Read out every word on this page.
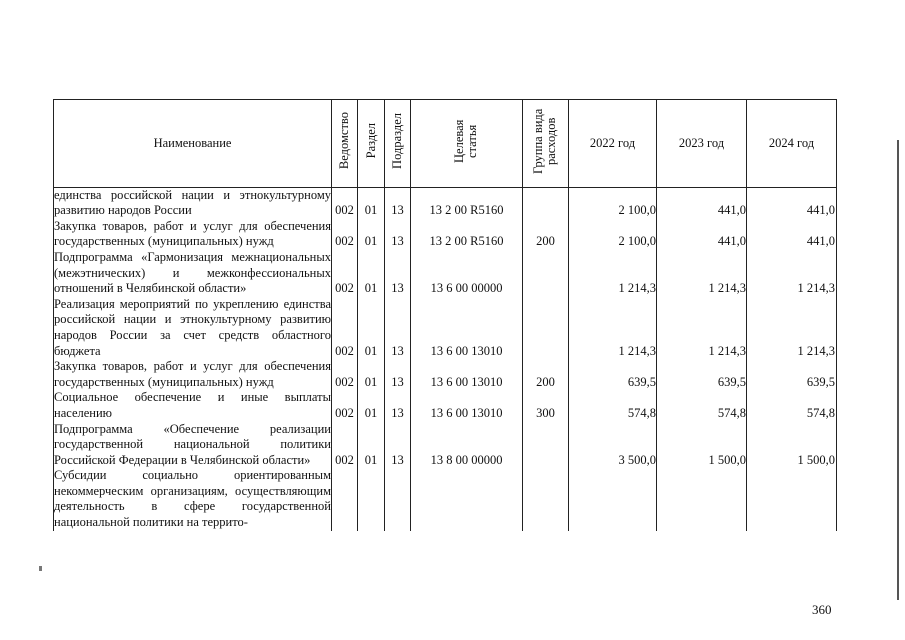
Наименование	Ведомство	Раздел	Подраздел	Целевая статья	Группа вида расходов	2022 год	2023 год	2024 год
единства российской нации и этнокультурному развитию народов России	002	01	13	13 2 00 R5160		2 100,0	441,0	441,0
Закупка товаров, работ и услуг для обеспечения государственных (муниципальных) нужд	002	01	13	13 2 00 R5160	200	2 100,0	441,0	441,0
Подпрограмма «Гармонизация межнациональных (межэтнических) и межконфессиональных отношений в Челябинской области»	002	01	13	13 6 00 00000		1 214,3	1 214,3	1 214,3
Реализация мероприятий по укреплению единства российской нации и этнокультурному развитию народов России за счет средств областного бюджета	002	01	13	13 6 00 13010		1 214,3	1 214,3	1 214,3
Закупка товаров, работ и услуг для обеспечения государственных (муниципальных) нужд	002	01	13	13 6 00 13010	200	639,5	639,5	639,5
Социальное обеспечение и иные выплаты населению	002	01	13	13 6 00 13010	300	574,8	574,8	574,8
Подпрограмма «Обеспечение реализации государственной национальной политики Российской Федерации в Челябинской области»	002	01	13	13 8 00 00000		3 500,0	1 500,0	1 500,0
Субсидии социально ориентированным некоммерческим организациям, осуществляющим деятельность в сфере государственной национальной политики на террито-								
360
